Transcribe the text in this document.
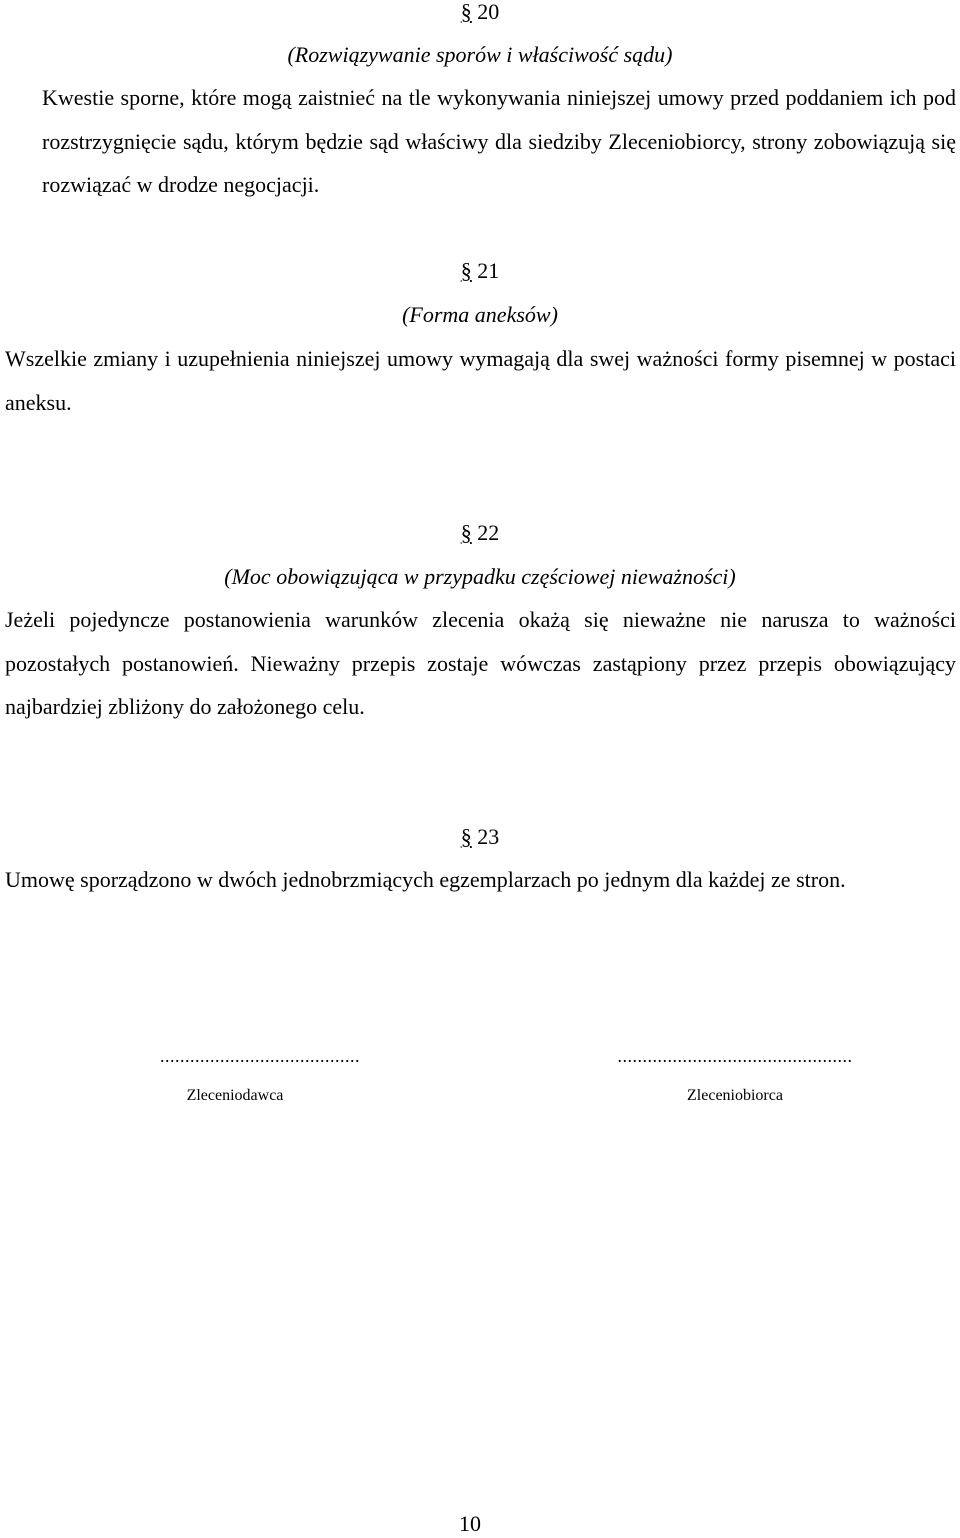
§ 20
(Rozwiązywanie sporów i właściwość sądu)
Kwestie sporne, które mogą zaistnieć na tle wykonywania niniejszej umowy przed poddaniem ich pod rozstrzygnięcie sądu, którym będzie sąd właściwy dla siedziby Zleceniobiorcy, strony zobowiązują się rozwiązać w drodze negocjacji.
§ 21
(Forma aneksów)
Wszelkie zmiany i uzupełnienia niniejszej umowy wymagają dla swej ważności formy pisemnej w postaci aneksu.
§ 22
(Moc obowiązująca w przypadku częściowej nieważności)
Jeżeli pojedyncze postanowienia warunków zlecenia okażą się nieważne nie narusza to ważności pozostałych postanowień. Nieważny przepis zostaje wówczas zastąpiony przez przepis obowiązujący najbardziej zbliżony do założonego celu.
§ 23
Umowę sporządzono w dwóch jednobrzmiących egzemplarzach po jednym dla każdej ze stron.
........................................
Zleceniodawca
...............................................
Zleceniobiorca
10
